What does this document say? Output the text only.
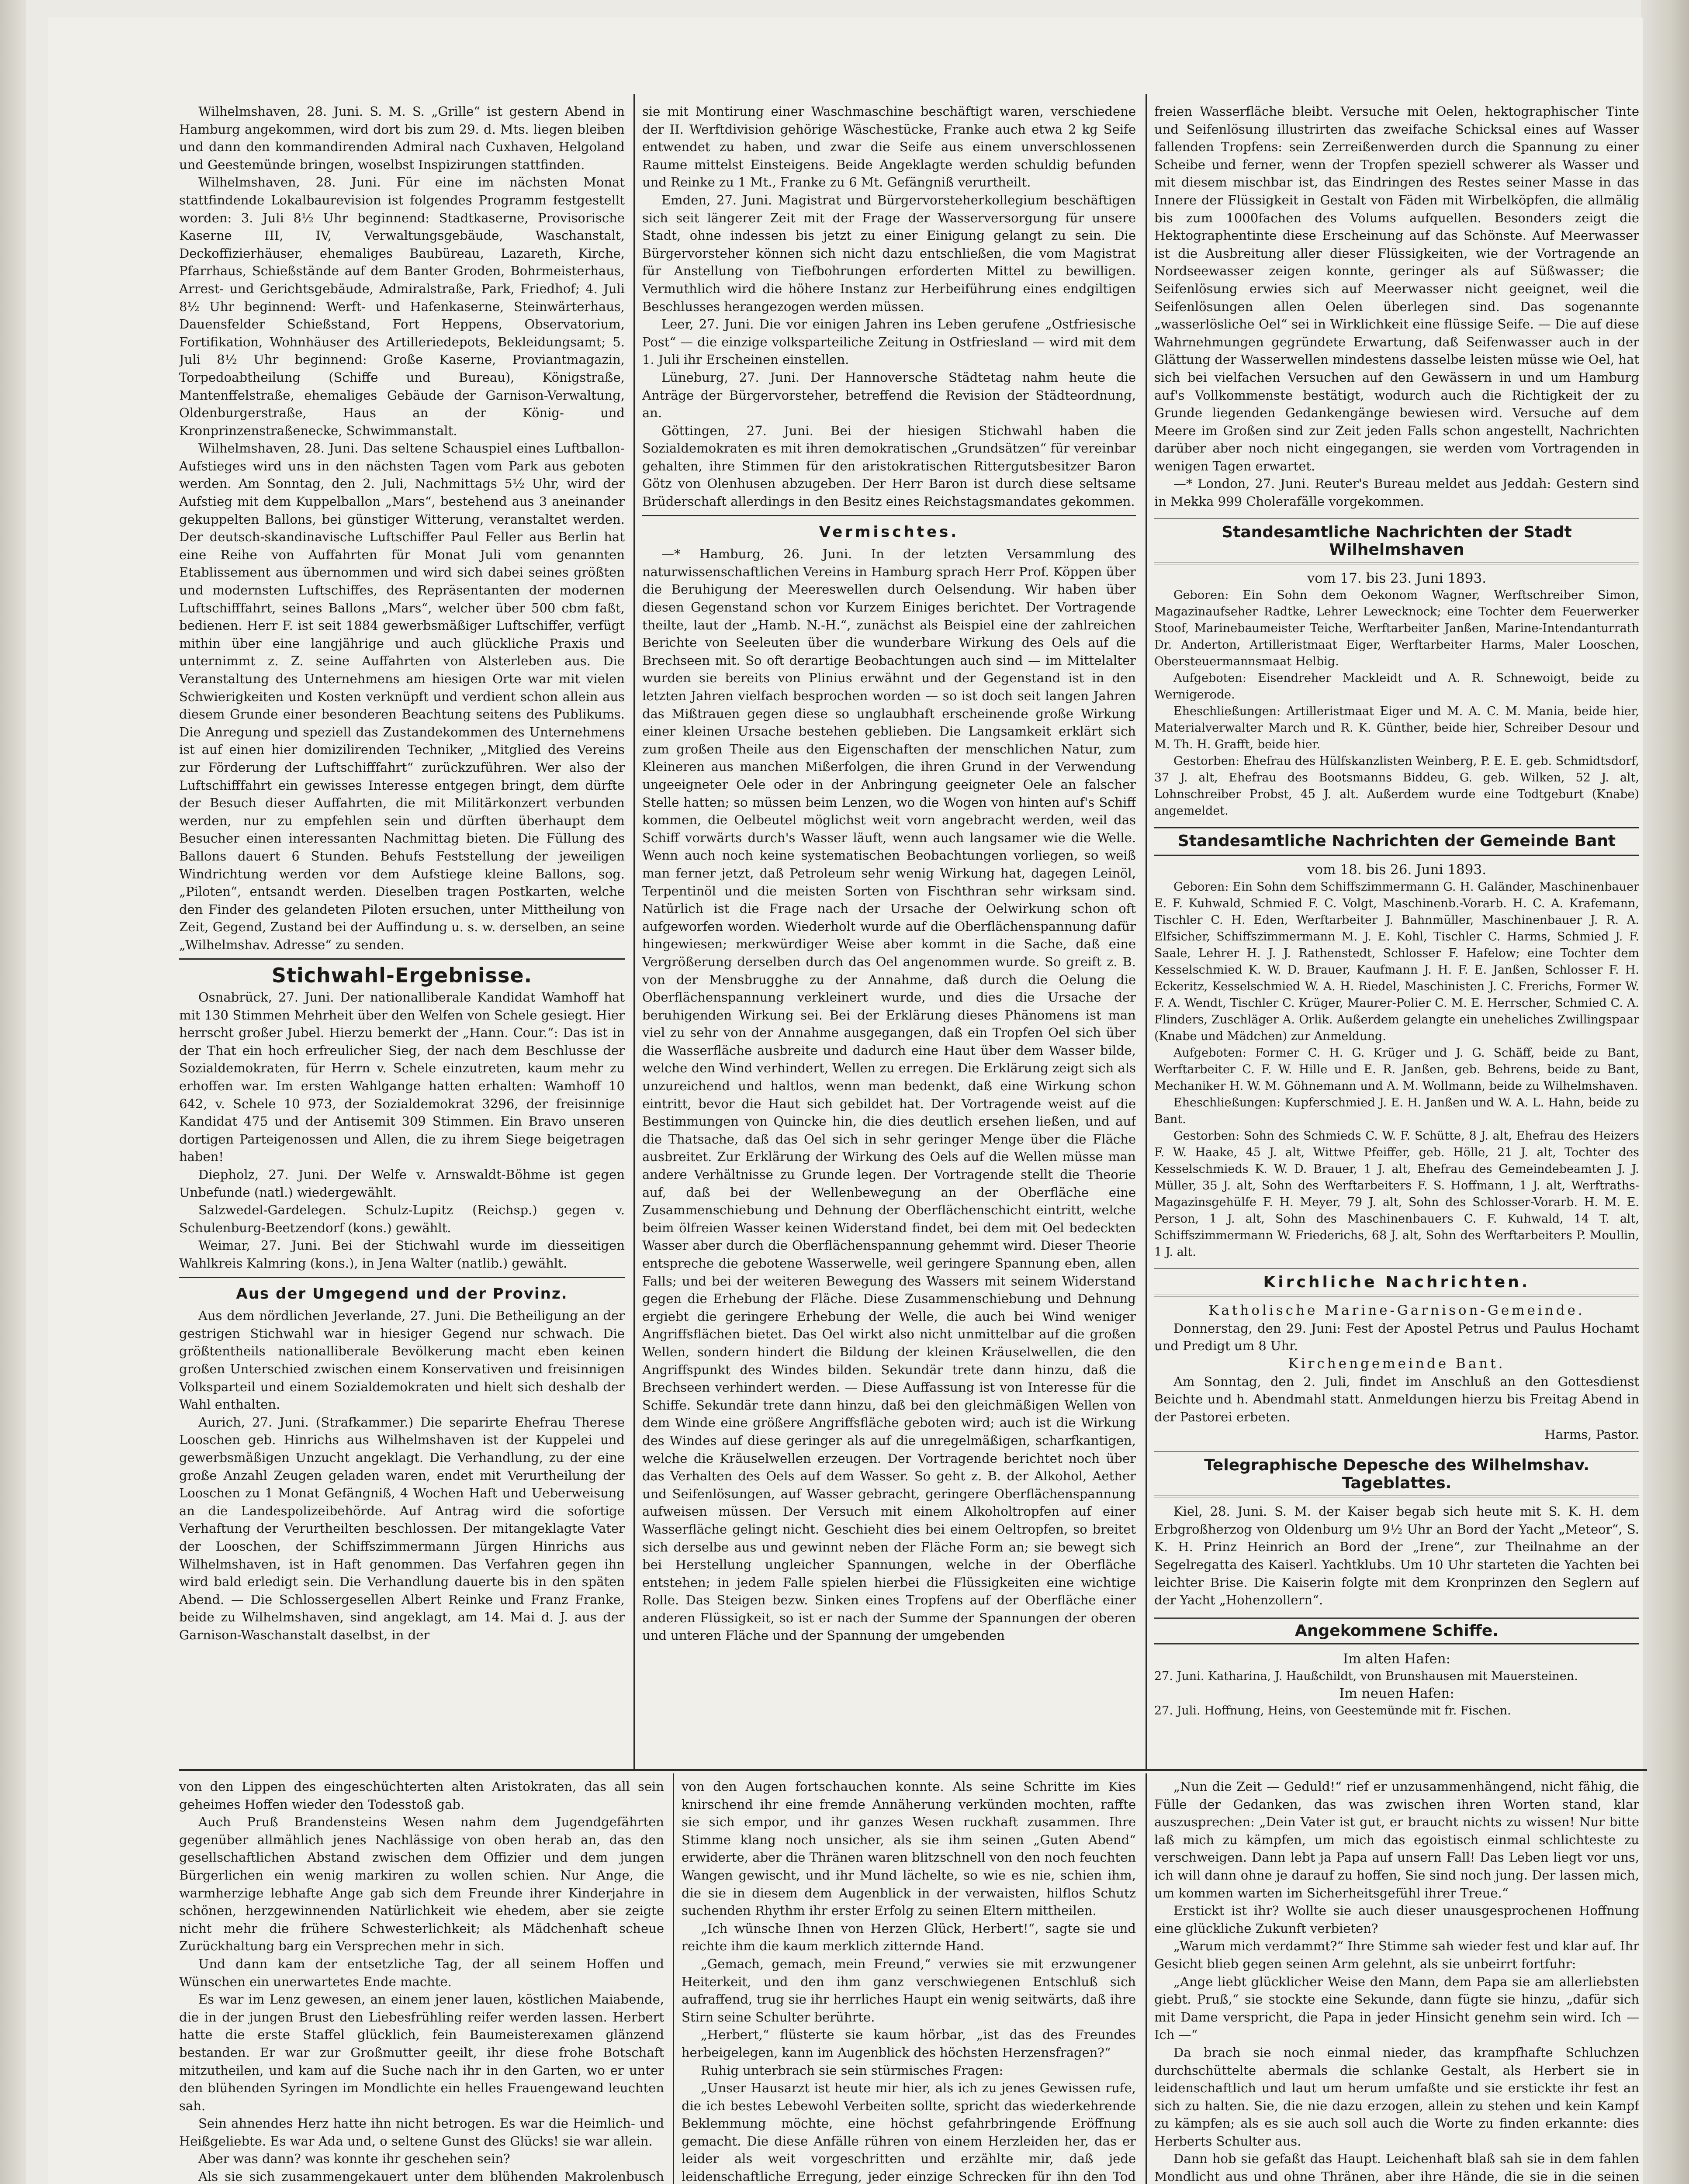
Wilhelmshaven, 28. Juni. S. M. S. „Grille“ ist gestern Abend in Hamburg angekommen, wird dort bis zum 29. d. Mts. liegen bleiben und dann den kommandirenden Admiral nach Cuxhaven, Helgoland und Geestemünde bringen, woselbst Inspizirungen stattfinden.

Wilhelmshaven, 28. Juni. Für eine im nächsten Monat stattfindende Lokalbaurevision ist folgendes Programm festgestellt worden: 3. Juli 8½ Uhr beginnend: Stadtkaserne, Provisorische Kaserne III, IV, Verwaltungsgebäude, Waschanstalt, Deckoffizierhäuser, ehemaliges Baubüreau, Lazareth, Kirche, Pfarrhaus, Schießstände auf dem Banter Groden, Bohrmeisterhaus, Arrest- und Gerichtsgebäude, Admiralstraße, Park, Friedhof; 4. Juli 8½ Uhr beginnend: Werft- und Hafenkaserne, Steinwärterhaus, Dauensfelder Schießstand, Fort Heppens, Observatorium, Fortifikation, Wohnhäuser des Artilleriedepots, Bekleidungsamt; 5. Juli 8½ Uhr beginnend: Große Kaserne, Proviantmagazin, Torpedoabtheilung (Schiffe und Bureau), Königstraße, Mantenffelstraße, ehemaliges Gebäude der Garnison-Verwaltung, Oldenburgerstraße, Haus an der König- und Kronprinzenstraßenecke, Schwimmanstalt.

Wilhelmshaven, 28. Juni. Das seltene Schauspiel eines Luftballon-Aufstieges wird uns in den nächsten Tagen vom Park aus geboten werden. Am Sonntag, den 2. Juli, Nachmittags 5½ Uhr, wird der Aufstieg mit dem Kuppelballon „Mars“, bestehend aus 3 aneinander gekuppelten Ballons, bei günstiger Witterung, veranstaltet werden. Der deutsch-skandinavische Luftschiffer Paul Feller aus Berlin hat eine Reihe von Auffahrten für Monat Juli vom genannten Etablissement aus übernommen und wird sich dabei seines größten und modernsten Luftschiffes, des Repräsentanten der modernen Luftschifffahrt, seines Ballons „Mars“, welcher über 500 cbm faßt, bedienen. Herr F. ist seit 1884 gewerbsmäßiger Luftschiffer, verfügt mithin über eine langjährige und auch glückliche Praxis und unternimmt z. Z. seine Auffahrten von Alsterleben aus. Die Veranstaltung des Unternehmens am hiesigen Orte war mit vielen Schwierigkeiten und Kosten verknüpft und verdient schon allein aus diesem Grunde einer besonderen Beachtung seitens des Publikums. Die Anregung und speziell das Zustandekommen des Unternehmens ist auf einen hier domizilirenden Techniker, „Mitglied des Vereins zur Förderung der Luftschifffahrt“ zurückzuführen. Wer also der Luftschifffahrt ein gewisses Interesse entgegen bringt, dem dürfte der Besuch dieser Auffahrten, die mit Militärkonzert verbunden werden, nur zu empfehlen sein und dürften überhaupt dem Besucher einen interessanten Nachmittag bieten. Die Füllung des Ballons dauert 6 Stunden. Behufs Feststellung der jeweiligen Windrichtung werden vor dem Aufstiege kleine Ballons, sog. „Piloten“, entsandt werden. Dieselben tragen Postkarten, welche den Finder des gelandeten Piloten ersuchen, unter Mittheilung von Zeit, Gegend, Zustand bei der Auffindung u. s. w. derselben, an seine „Wilhelmshav. Adresse“ zu senden.

Stichwahl-Ergebnisse.

Osnabrück, 27. Juni. Der nationalliberale Kandidat Wamhoff hat mit 130 Stimmen Mehrheit über den Welfen von Schele gesiegt. Hier herrscht großer Jubel. Hierzu bemerkt der „Hann. Cour.“: Das ist in der That ein hoch erfreulicher Sieg, der nach dem Beschlusse der Sozialdemokraten, für Herrn v. Schele einzutreten, kaum mehr zu erhoffen war. Im ersten Wahlgange hatten erhalten: Wamhoff 10 642, v. Schele 10 973, der Sozialdemokrat 3296, der freisinnige Kandidat 475 und der Antisemit 309 Stimmen. Ein Bravo unseren dortigen Parteigenossen und Allen, die zu ihrem Siege beigetragen haben!

Diepholz, 27. Juni. Der Welfe v. Arnswaldt-Böhme ist gegen Unbefunde (natl.) wiedergewählt.

Salzwedel-Gardelegen. Schulz-Lupitz (Reichsp.) gegen v. Schulenburg-Beetzendorf (kons.) gewählt.

Weimar, 27. Juni. Bei der Stichwahl wurde im diesseitigen Wahlkreis Kalmring (kons.), in Jena Walter (natlib.) gewählt.

Aus der Umgegend und der Provinz.

Aus dem nördlichen Jeverlande, 27. Juni. Die Betheiligung an der gestrigen Stichwahl war in hiesiger Gegend nur schwach. Die größtentheils nationalliberale Bevölkerung macht eben keinen großen Unterschied zwischen einem Konservativen und freisinnigen Volksparteil und einem Sozialdemokraten und hielt sich deshalb der Wahl enthalten.

Aurich, 27. Juni. (Strafkammer.) Die separirte Ehefrau Therese Looschen geb. Hinrichs aus Wilhelmshaven ist der Kuppelei und gewerbsmäßigen Unzucht angeklagt. Die Verhandlung, zu der eine große Anzahl Zeugen geladen waren, endet mit Verurtheilung der Looschen zu 1 Monat Gefängniß, 4 Wochen Haft und Ueberweisung an die Landespolizeibehörde. Auf Antrag wird die sofortige Verhaftung der Verurtheilten beschlossen. Der mitangeklagte Vater der Looschen, der Schiffszimmermann Jürgen Hinrichs aus Wilhelmshaven, ist in Haft genommen. Das Verfahren gegen ihn wird bald erledigt sein. Die Verhandlung dauerte bis in den späten Abend. — Die Schlossergesellen Albert Reinke und Franz Franke, beide zu Wilhelmshaven, sind angeklagt, am 14. Mai d. J. aus der Garnison-Waschanstalt daselbst, in der

sie mit Montirung einer Waschmaschine beschäftigt waren, verschiedene der II. Werftdivision gehörige Wäschestücke, Franke auch etwa 2 kg Seife entwendet zu haben, und zwar die Seife aus einem unverschlossenen Raume mittelst Einsteigens. Beide Angeklagte werden schuldig befunden und Reinke zu 1 Mt., Franke zu 6 Mt. Gefängniß verurtheilt.

Emden, 27. Juni. Magistrat und Bürgervorsteherkollegium beschäftigen sich seit längerer Zeit mit der Frage der Wasserversorgung für unsere Stadt, ohne indessen bis jetzt zu einer Einigung gelangt zu sein. Die Bürgervorsteher können sich nicht dazu entschließen, die vom Magistrat für Anstellung von Tiefbohrungen erforderten Mittel zu bewilligen. Vermuthlich wird die höhere Instanz zur Herbeiführung eines endgiltigen Beschlusses herangezogen werden müssen.

Leer, 27. Juni. Die vor einigen Jahren ins Leben gerufene „Ostfriesische Post“ — die einzige volksparteiliche Zeitung in Ostfriesland — wird mit dem 1. Juli ihr Erscheinen einstellen.

Lüneburg, 27. Juni. Der Hannoversche Städtetag nahm heute die Anträge der Bürgervorsteher, betreffend die Revision der Städteordnung, an.

Göttingen, 27. Juni. Bei der hiesigen Stichwahl haben die Sozialdemokraten es mit ihren demokratischen „Grundsätzen“ für vereinbar gehalten, ihre Stimmen für den aristokratischen Rittergutsbesitzer Baron Götz von Olenhusen abzugeben. Der Herr Baron ist durch diese seltsame Brüderschaft allerdings in den Besitz eines Reichstagsmandates gekommen.

Vermischtes.

—* Hamburg, 26. Juni. In der letzten Versammlung des naturwissenschaftlichen Vereins in Hamburg sprach Herr Prof. Köppen über die Beruhigung der Meereswellen durch Oelsendung. Wir haben über diesen Gegenstand schon vor Kurzem Einiges berichtet. Der Vortragende theilte, laut der „Hamb. N.-H.“, zunächst als Beispiel eine der zahlreichen Berichte von Seeleuten über die wunderbare Wirkung des Oels auf die Brechseen mit. So oft derartige Beobachtungen auch sind — im Mittelalter wurden sie bereits von Plinius erwähnt und der Gegenstand ist in den letzten Jahren vielfach besprochen worden — so ist doch seit langen Jahren das Mißtrauen gegen diese so unglaubhaft erscheinende große Wirkung einer kleinen Ursache bestehen geblieben. Die Langsamkeit erklärt sich zum großen Theile aus den Eigenschaften der menschlichen Natur, zum Kleineren aus manchen Mißerfolgen, die ihren Grund in der Verwendung ungeeigneter Oele oder in der Anbringung geeigneter Oele an falscher Stelle hatten; so müssen beim Lenzen, wo die Wogen von hinten auf's Schiff kommen, die Oelbeutel möglichst weit vorn angebracht werden, weil das Schiff vorwärts durch's Wasser läuft, wenn auch langsamer wie die Welle. Wenn auch noch keine systematischen Beobachtungen vorliegen, so weiß man ferner jetzt, daß Petroleum sehr wenig Wirkung hat, dagegen Leinöl, Terpentinöl und die meisten Sorten von Fischthran sehr wirksam sind. Natürlich ist die Frage nach der Ursache der Oelwirkung schon oft aufgeworfen worden. Wiederholt wurde auf die Oberflächenspannung dafür hingewiesen; merkwürdiger Weise aber kommt in die Sache, daß eine Vergrößerung derselben durch das Oel angenommen wurde. So greift z. B. von der Mensbrugghe zu der Annahme, daß durch die Oelung die Oberflächenspannung verkleinert wurde, und dies die Ursache der beruhigenden Wirkung sei. Bei der Erklärung dieses Phänomens ist man viel zu sehr von der Annahme ausgegangen, daß ein Tropfen Oel sich über die Wasserfläche ausbreite und dadurch eine Haut über dem Wasser bilde, welche den Wind verhindert, Wellen zu erregen. Die Erklärung zeigt sich als unzureichend und haltlos, wenn man bedenkt, daß eine Wirkung schon eintritt, bevor die Haut sich gebildet hat. Der Vortragende weist auf die Bestimmungen von Quincke hin, die dies deutlich ersehen ließen, und auf die Thatsache, daß das Oel sich in sehr geringer Menge über die Fläche ausbreitet. Zur Erklärung der Wirkung des Oels auf die Wellen müsse man andere Verhältnisse zu Grunde legen. Der Vortragende stellt die Theorie auf, daß bei der Wellenbewegung an der Oberfläche eine Zusammenschiebung und Dehnung der Oberflächenschicht eintritt, welche beim ölfreien Wasser keinen Widerstand findet, bei dem mit Oel bedeckten Wasser aber durch die Oberflächenspannung gehemmt wird. Dieser Theorie entspreche die gebotene Wasserwelle, weil geringere Spannung eben, allen Falls; und bei der weiteren Bewegung des Wassers mit seinem Widerstand gegen die Erhebung der Fläche. Diese Zusammenschiebung und Dehnung ergiebt die geringere Erhebung der Welle, die auch bei Wind weniger Angriffsflächen bietet. Das Oel wirkt also nicht unmittelbar auf die großen Wellen, sondern hindert die Bildung der kleinen Kräuselwellen, die den Angriffspunkt des Windes bilden. Sekundär trete dann hinzu, daß die Brechseen verhindert werden. — Diese Auffassung ist von Interesse für die Schiffe. Sekundär trete dann hinzu, daß bei den gleichmäßigen Wellen von dem Winde eine größere Angriffsfläche geboten wird; auch ist die Wirkung des Windes auf diese geringer als auf die unregelmäßigen, scharfkantigen, welche die Kräuselwellen erzeugen. Der Vortragende berichtet noch über das Verhalten des Oels auf dem Wasser. So geht z. B. der Alkohol, Aether und Seifenlösungen, auf Wasser gebracht, geringere Oberflächenspannung aufweisen müssen. Der Versuch mit einem Alkoholtropfen auf einer Wasserfläche gelingt nicht. Geschieht dies bei einem Oeltropfen, so breitet sich derselbe aus und gewinnt neben der Fläche Form an; sie bewegt sich bei Herstellung ungleicher Spannungen, welche in der Oberfläche entstehen; in jedem Falle spielen hierbei die Flüssigkeiten eine wichtige Rolle. Das Steigen bezw. Sinken eines Tropfens auf der Oberfläche einer anderen Flüssigkeit, so ist er nach der Summe der Spannungen der oberen und unteren Fläche und der Spannung der umgebenden

freien Wasserfläche bleibt. Versuche mit Oelen, hektographischer Tinte und Seifenlösung illustrirten das zweifache Schicksal eines auf Wasser fallenden Tropfens: sein Zerreißenwerden durch die Spannung zu einer Scheibe und ferner, wenn der Tropfen speziell schwerer als Wasser und mit diesem mischbar ist, das Eindringen des Restes seiner Masse in das Innere der Flüssigkeit in Gestalt von Fäden mit Wirbelköpfen, die allmälig bis zum 1000fachen des Volums aufquellen. Besonders zeigt die Hektographentinte diese Erscheinung auf das Schönste. Auf Meerwasser ist die Ausbreitung aller dieser Flüssigkeiten, wie der Vortragende an Nordseewasser zeigen konnte, geringer als auf Süßwasser; die Seifenlösung erwies sich auf Meerwasser nicht geeignet, weil die Seifenlösungen allen Oelen überlegen sind. Das sogenannte „wasserlösliche Oel“ sei in Wirklichkeit eine flüssige Seife. — Die auf diese Wahrnehmungen gegründete Erwartung, daß Seifenwasser auch in der Glättung der Wasserwellen mindestens dasselbe leisten müsse wie Oel, hat sich bei vielfachen Versuchen auf den Gewässern in und um Hamburg auf's Vollkommenste bestätigt, wodurch auch die Richtigkeit der zu Grunde liegenden Gedankengänge bewiesen wird. Versuche auf dem Meere im Großen sind zur Zeit jeden Falls schon angestellt, Nachrichten darüber aber noch nicht eingegangen, sie werden vom Vortragenden in wenigen Tagen erwartet.

—* London, 27. Juni. Reuter's Bureau meldet aus Jeddah: Gestern sind in Mekka 999 Cholerafälle vorgekommen.

Standesamtliche Nachrichten der Stadt Wilhelmshaven

vom 17. bis 23. Juni 1893.

Geboren: Ein Sohn dem Oekonom Wagner, Werftschreiber Simon, Magazinaufseher Radtke, Lehrer Lewecknock; eine Tochter dem Feuerwerker Stoof, Marinebaumeister Teiche, Werftarbeiter Janßen, Marine-Intendanturrath Dr. Anderton, Artilleristmaat Eiger, Werftarbeiter Harms, Maler Looschen, Obersteuermannsmaat Helbig.

Aufgeboten: Eisendreher Mackleidt und A. R. Schnewoigt, beide zu Wernigerode.

Eheschließungen: Artilleristmaat Eiger und M. A. C. M. Mania, beide hier, Materialverwalter March und R. K. Günther, beide hier, Schreiber Desour und M. Th. H. Grafft, beide hier.

Gestorben: Ehefrau des Hülfskanzlisten Weinberg, P. E. E. geb. Schmidtsdorf, 37 J. alt, Ehefrau des Bootsmanns Biddeu, G. geb. Wilken, 52 J. alt, Lohnschreiber Probst, 45 J. alt. Außerdem wurde eine Todtgeburt (Knabe) angemeldet.

Standesamtliche Nachrichten der Gemeinde Bant

vom 18. bis 26. Juni 1893.

Geboren: Ein Sohn dem Schiffszimmermann G. H. Galänder, Maschinenbauer E. F. Kuhwald, Schmied F. C. Volgt, Maschinenb.-Vorarb. H. C. A. Krafemann, Tischler C. H. Eden, Werftarbeiter J. Bahnmüller, Maschinenbauer J. R. A. Elfsicher, Schiffszimmermann M. J. E. Kohl, Tischler C. Harms, Schmied J. F. Saale, Lehrer H. J. J. Rathenstedt, Schlosser F. Hafelow; eine Tochter dem Kesselschmied K. W. D. Brauer, Kaufmann J. H. F. E. Janßen, Schlosser F. H. Eckeritz, Kesselschmied W. A. H. Riedel, Maschinisten J. C. Frerichs, Former W. F. A. Wendt, Tischler C. Krüger, Maurer-Polier C. M. E. Herrscher, Schmied C. A. Flinders, Zuschläger A. Orlik. Außerdem gelangte ein uneheliches Zwillingspaar (Knabe und Mädchen) zur Anmeldung.

Aufgeboten: Former C. H. G. Krüger und J. G. Schäff, beide zu Bant, Werftarbeiter C. F. W. Hille und E. R. Janßen, geb. Behrens, beide zu Bant, Mechaniker H. W. M. Göhnemann und A. M. Wollmann, beide zu Wilhelmshaven.

Eheschließungen: Kupferschmied J. E. H. Janßen und W. A. L. Hahn, beide zu Bant.

Gestorben: Sohn des Schmieds C. W. F. Schütte, 8 J. alt, Ehefrau des Heizers F. W. Haake, 45 J. alt, Wittwe Pfeiffer, geb. Hölle, 21 J. alt, Tochter des Kesselschmieds K. W. D. Brauer, 1 J. alt, Ehefrau des Gemeindebeamten J. J. Müller, 35 J. alt, Sohn des Werftarbeiters F. S. Hoffmann, 1 J. alt, Werftraths-Magazinsgehülfe F. H. Meyer, 79 J. alt, Sohn des Schlosser-Vorarb. H. M. E. Person, 1 J. alt, Sohn des Maschinenbauers C. F. Kuhwald, 14 T. alt, Schiffszimmermann W. Friederichs, 68 J. alt, Sohn des Werftarbeiters P. Moullin, 1 J. alt.

Kirchliche Nachrichten.

Katholische Marine-Garnison-Gemeinde.

Donnerstag, den 29. Juni: Fest der Apostel Petrus und Paulus Hochamt und Predigt um 8 Uhr.

Kirchengemeinde Bant.

Am Sonntag, den 2. Juli, findet im Anschluß an den Gottesdienst Beichte und h. Abendmahl statt. Anmeldungen hierzu bis Freitag Abend in der Pastorei erbeten.

Harms, Pastor.

Telegraphische Depesche des Wilhelmshav. Tageblattes.

Kiel, 28. Juni. S. M. der Kaiser begab sich heute mit S. K. H. dem Erbgroßherzog von Oldenburg um 9½ Uhr an Bord der Yacht „Meteor“, S. K. H. Prinz Heinrich an Bord der „Irene“, zur Theilnahme an der Segelregatta des Kaiserl. Yachtklubs. Um 10 Uhr starteten die Yachten bei leichter Brise. Die Kaiserin folgte mit dem Kronprinzen den Seglern auf der Yacht „Hohenzollern“.

Angekommene Schiffe.

Im alten Hafen:

27. Juni. Katharina, J. Haußchildt, von Brunshausen mit Mauersteinen.

Im neuen Hafen:

27. Juli. Hoffnung, Heins, von Geestemünde mit fr. Fischen.

von den Lippen des eingeschüchterten alten Aristokraten, das all sein geheimes Hoffen wieder den Todesstoß gab.

Auch Pruß Brandensteins Wesen nahm dem Jugendgefährten gegenüber allmählich jenes Nachlässige von oben herab an, das den gesellschaftlichen Abstand zwischen dem Offizier und dem jungen Bürgerlichen ein wenig markiren zu wollen schien. Nur Ange, die warmherzige lebhafte Ange gab sich dem Freunde ihrer Kinderjahre in schönen, herzgewinnenden Natürlichkeit wie ehedem, aber sie zeigte nicht mehr die frühere Schwesterlichkeit; als Mädchenhaft scheue Zurückhaltung barg ein Versprechen mehr in sich.

Und dann kam der entsetzliche Tag, der all seinem Hoffen und Wünschen ein unerwartetes Ende machte.

Es war im Lenz gewesen, an einem jener lauen, köstlichen Maiabende, die in der jungen Brust den Liebesfrühling reifer werden lassen. Herbert hatte die erste Staffel glücklich, fein Baumeisterexamen glänzend bestanden. Er war zur Großmutter geeilt, ihr diese frohe Botschaft mitzutheilen, und kam auf die Suche nach ihr in den Garten, wo er unter den blühenden Syringen im Mondlichte ein helles Frauengewand leuchten sah.

Sein ahnendes Herz hatte ihn nicht betrogen. Es war die Heimlich- und Heißgeliebte. Es war Ada und, o seltene Gunst des Glücks! sie war allein.

Aber was dann? was konnte ihr geschehen sein?

Als sie sich zusammengekauert unter dem blühenden Makrolenbusch

von den Augen fortschauchen konnte. Als seine Schritte im Kies knirschend ihr eine fremde Annäherung verkünden mochten, raffte sie sich empor, und ihr ganzes Wesen ruckhaft zusammen. Ihre Stimme klang noch unsicher, als sie ihm seinen „Guten Abend“ erwiderte, aber die Thränen waren blitzschnell von den noch feuchten Wangen gewischt, und ihr Mund lächelte, so wie es nie, schien ihm, die sie in diesem dem Augenblick in der verwaisten, hilflos Schutz suchenden Rhythm ihr erster Erfolg zu seinen Eltern mittheilen.

„Ich wünsche Ihnen von Herzen Glück, Herbert!“, sagte sie und reichte ihm die kaum merklich zitternde Hand.

„Gemach, gemach, mein Freund,“ verwies sie mit erzwungener Heiterkeit, und den ihm ganz verschwiegenen Entschluß sich aufraffend, trug sie ihr herrliches Haupt ein wenig seitwärts, daß ihre Stirn seine Schulter berührte.

„Herbert,“ flüsterte sie kaum hörbar, „ist das des Freundes herbeigelegen, kann im Augenblick des höchsten Herzensfragen?“

Ruhig unterbrach sie sein stürmisches Fragen:

„Unser Hausarzt ist heute mir hier, als ich zu jenes Gewissen rufe, die ich bestes Lebewohl Verbeiten sollte, spricht das wiederkehrende Beklemmung möchte, eine höchst gefahrbringende Eröffnung gemacht. Die diese Anfälle rühren von einem Herzleiden her, das er leider als weit vorgeschritten und erzählte mir, daß jede leidenschaftliche Erregung, jeder einzige Schrecken für ihn den Tod

„Nun die Zeit — Geduld!“ rief er unzusammenhängend, nicht fähig, die Fülle der Gedanken, das was zwischen ihren Worten stand, klar auszusprechen: „Dein Vater ist gut, er braucht nichts zu wissen! Nur bitte laß mich zu kämpfen, um mich das egoistisch einmal schlichteste zu verschweigen. Dann lebt ja Papa auf unsern Fall! Das Leben liegt vor uns, ich will dann ohne je darauf zu hoffen, Sie sind noch jung. Der lassen mich, um kommen warten im Sicherheitsgefühl ihrer Treue.“

Erstickt ist ihr? Wollte sie auch dieser unausgesprochenen Hoffnung eine glückliche Zukunft verbieten?

„Warum mich verdammt?“ Ihre Stimme sah wieder fest und klar auf. Ihr Gesicht blieb gegen seinen Arm gelehnt, als sie unbeirrt fortfuhr:

„Ange liebt glücklicher Weise den Mann, dem Papa sie am allerliebsten giebt. Pruß,“ sie stockte eine Sekunde, dann fügte sie hinzu, „dafür sich mit Dame verspricht, die Papa in jeder Hinsicht genehm sein wird. Ich — Ich —“

Da brach sie noch einmal nieder, das krampfhafte Schluchzen durchschüttelte abermals die schlanke Gestalt, als Herbert sie in leidenschaftlich und laut um herum umfaßte und sie erstickte ihr fest an sich zu halten. Sie, die nie dazu erzogen, allein zu stehen und kein Kampf zu kämpfen; als es sie auch soll auch die Worte zu finden erkannte: dies Herberts Schulter aus.

Dann hob sie gefaßt das Haupt. Leichenhaft blaß sah sie in dem fahlen Mondlicht aus und ohne Thränen, aber ihre Hände, die sie in die seinen
